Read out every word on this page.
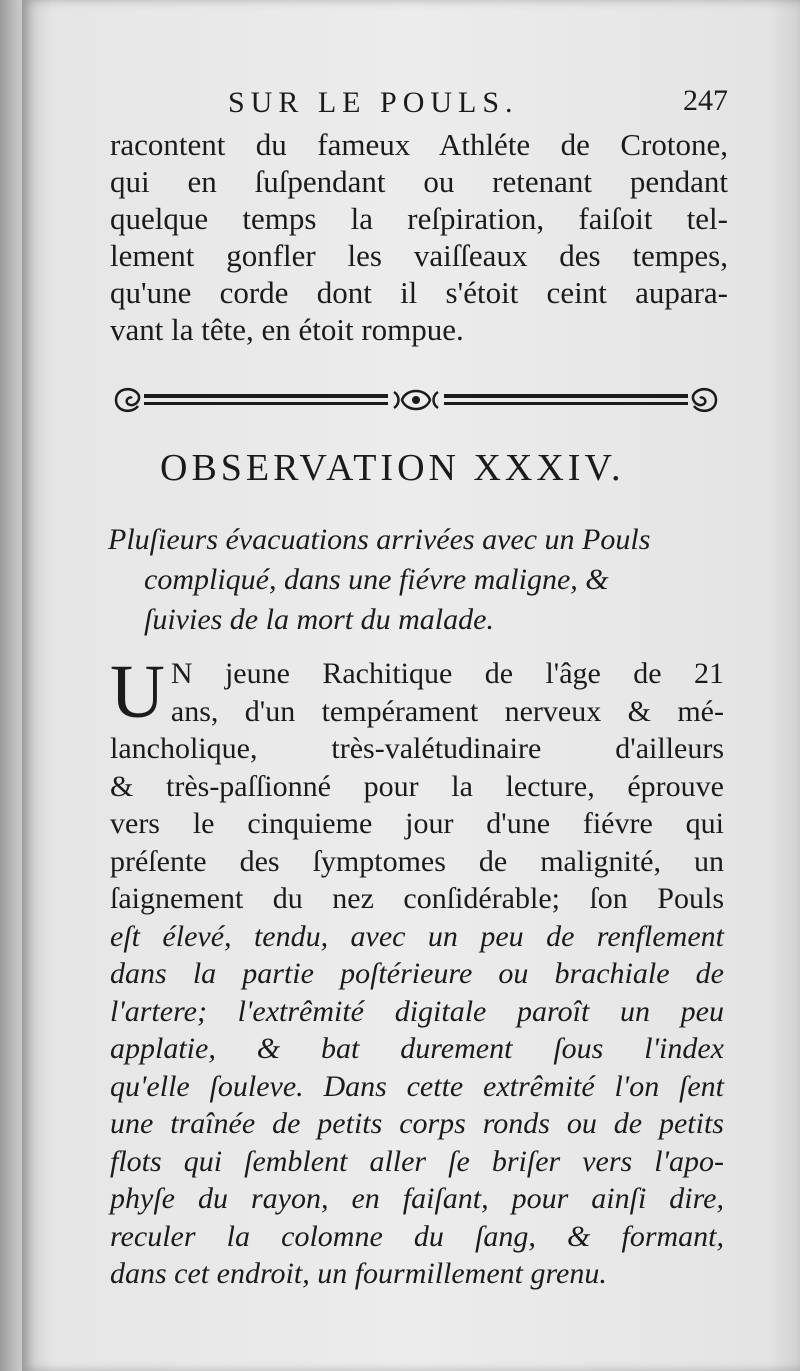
SUR LE POULS.	247
racontent du fameux Athléte de Crotone,
qui en ſuſpendant ou retenant pendant
quelque temps la reſpiration, faiſoit tel-
lement gonfler les vaiſſeaux des tempes,
qu'une corde dont il s'étoit ceint aupara-
vant la tête, en étoit rompue.
OBSERVATION XXXIV.
Pluſieurs évacuations arrivées avec un Pouls
compliqué, dans une fiévre maligne, &
ſuivies de la mort du malade.
U N jeune Rachitique de l'âge de 21
ans, d'un tempérament nerveux & mé-
lancholique, très-valétudinaire d'ailleurs
& très-paſſionné pour la lecture, éprouve
vers le cinquieme jour d'une fiévre qui
préſente des ſymptomes de malignité, un
ſaignement du nez conſidérable; ſon Pouls
eſt élevé, tendu, avec un peu de renflement
dans la partie poſtérieure ou brachiale de
l'artere; l'extrêmité digitale paroît un peu
applatie, & bat durement ſous l'index
qu'elle ſouleve. Dans cette extrêmité l'on ſent
une traînée de petits corps ronds ou de petits
flots qui ſemblent aller ſe briſer vers l'apo-
phyſe du rayon, en faiſant, pour ainſi dire,
reculer la colomne du ſang, & formant,
dans cet endroit, un fourmillement grenu.
